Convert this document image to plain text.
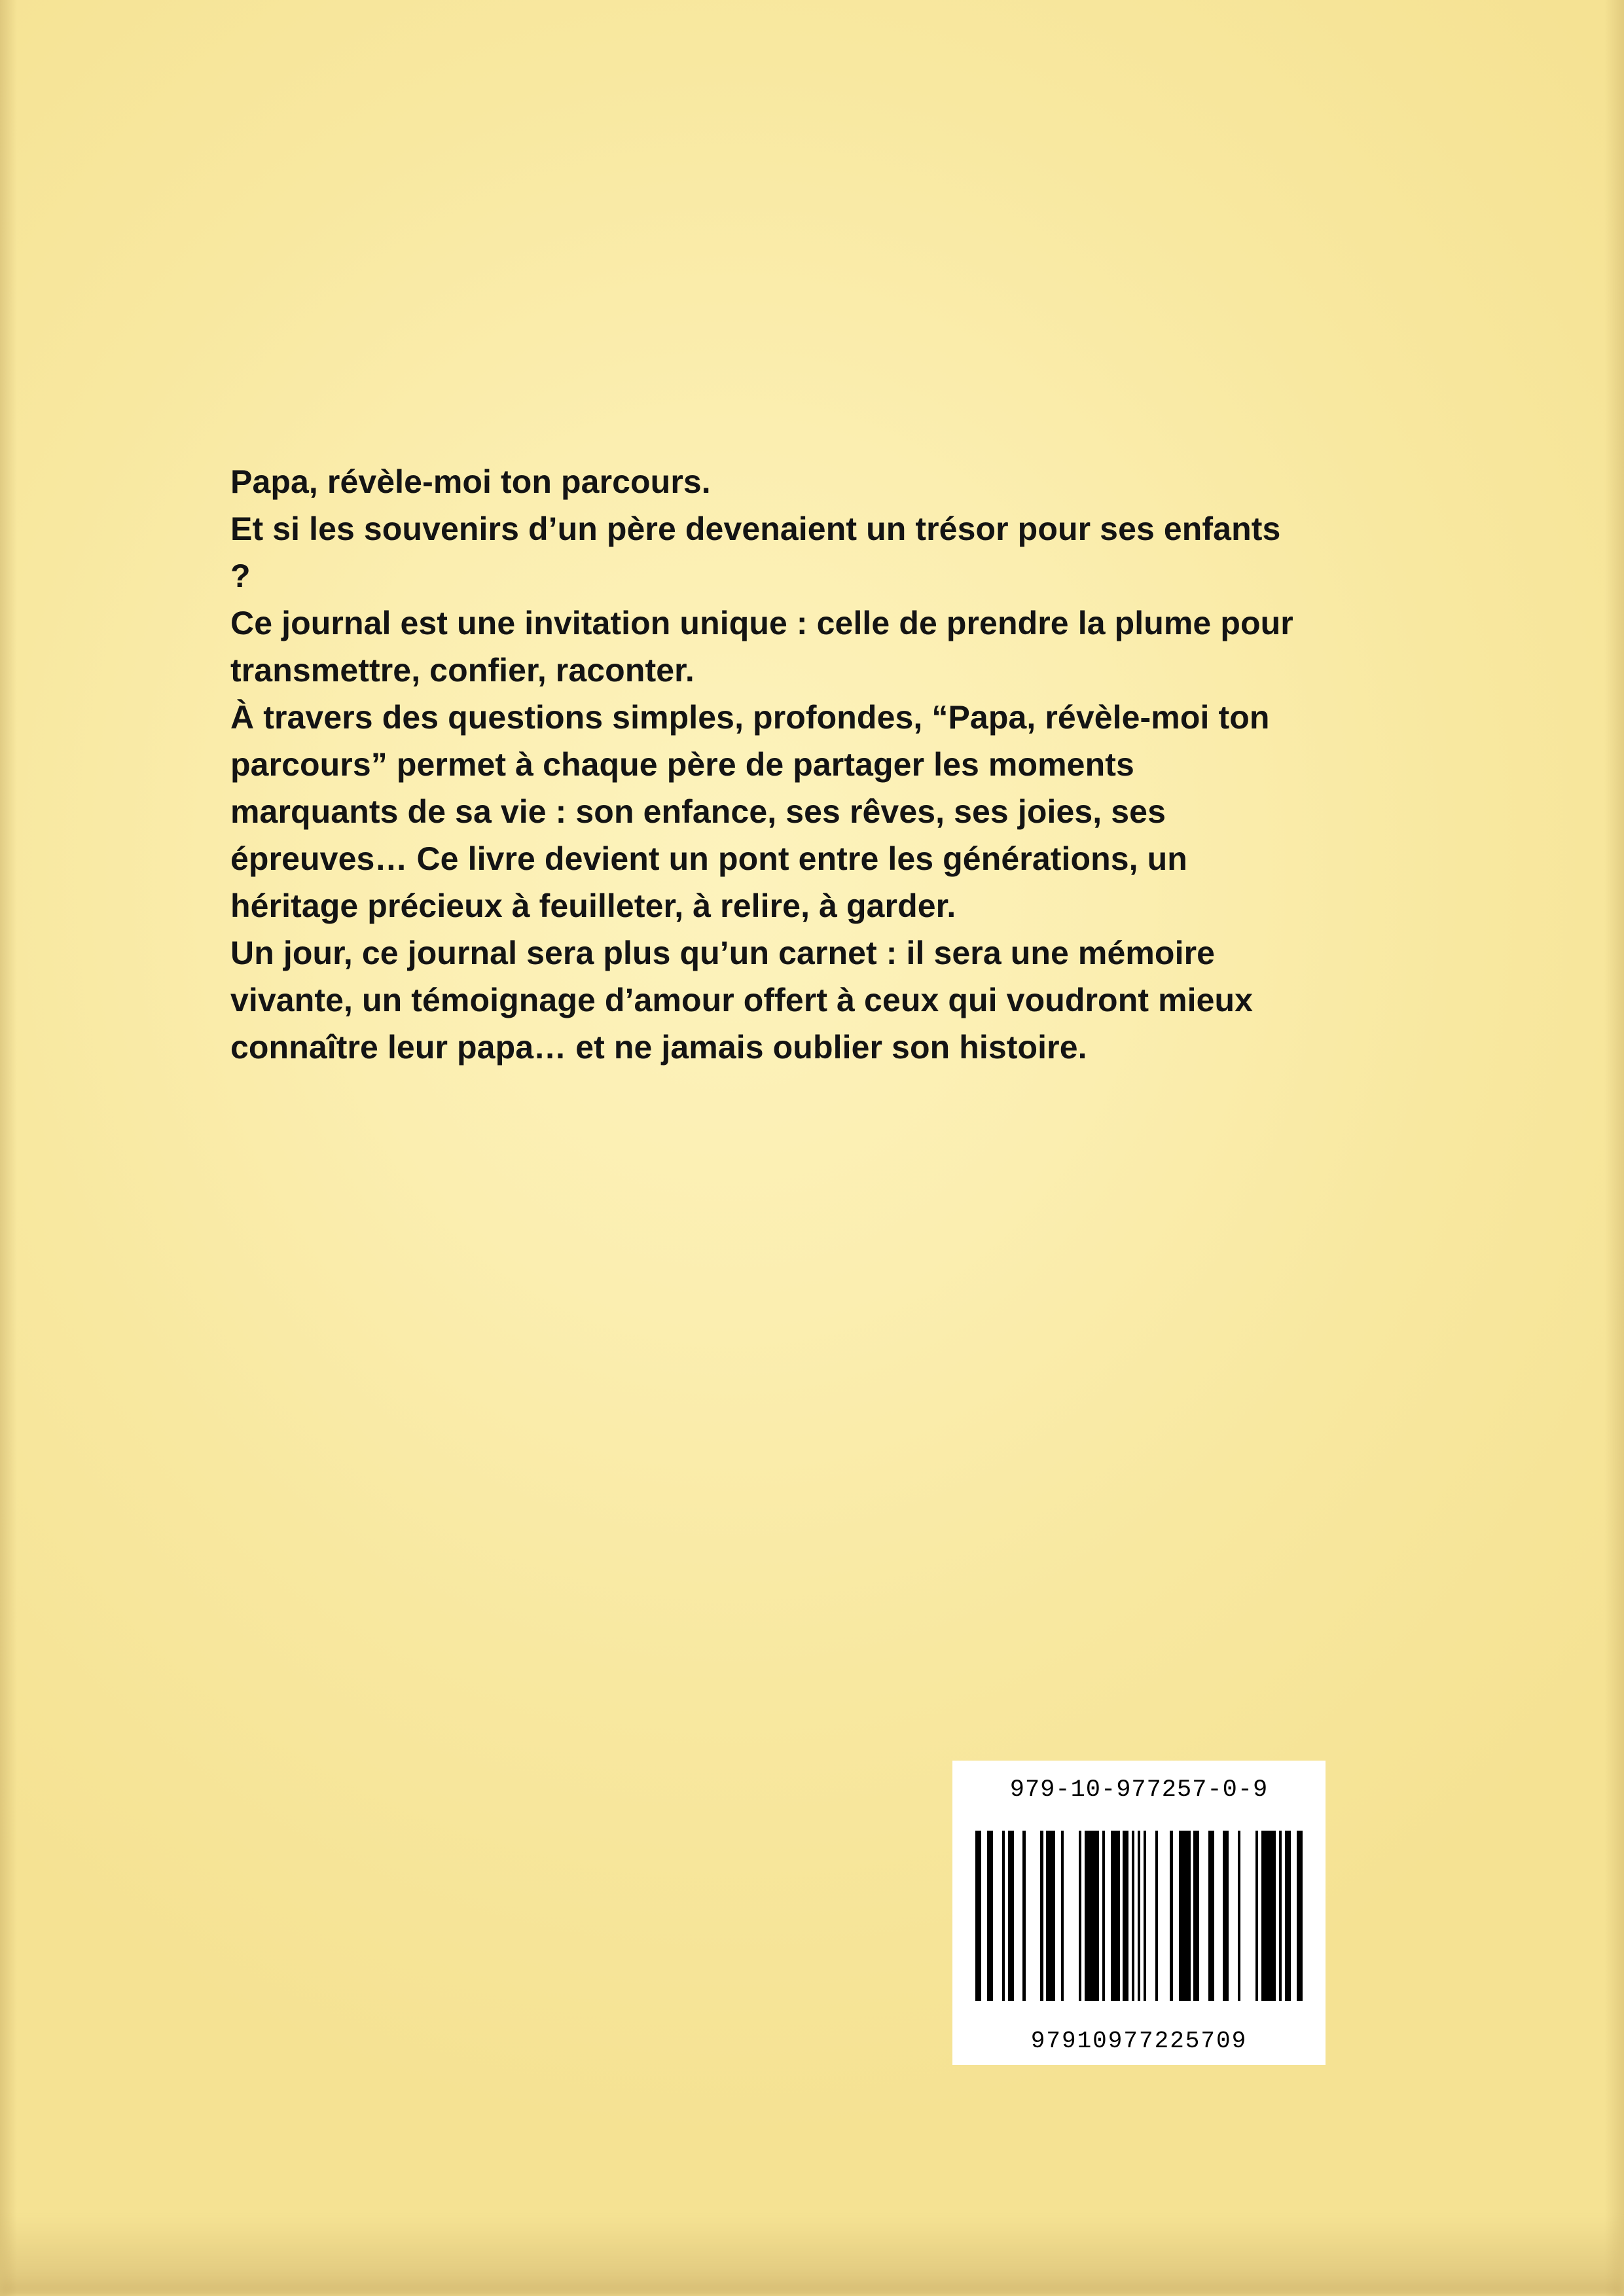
Papa, révèle-moi ton parcours.

Et si les souvenirs d’un père devenaient un trésor pour ses enfants ?

Ce journal est une invitation unique : celle de prendre la plume pour transmettre, confier, raconter.

À travers des questions simples, profondes, “Papa, révèle-moi ton parcours” permet à chaque père de partager les moments marquants de sa vie : son enfance, ses rêves, ses joies, ses épreuves… Ce livre devient un pont entre les générations, un héritage précieux à feuilleter, à relire, à garder.

Un jour, ce journal sera plus qu’un carnet : il sera une mémoire vivante, un témoignage d’amour offert à ceux qui voudront mieux connaître leur papa… et ne jamais oublier son histoire.

979-10-977257-0-9
97910977225709
